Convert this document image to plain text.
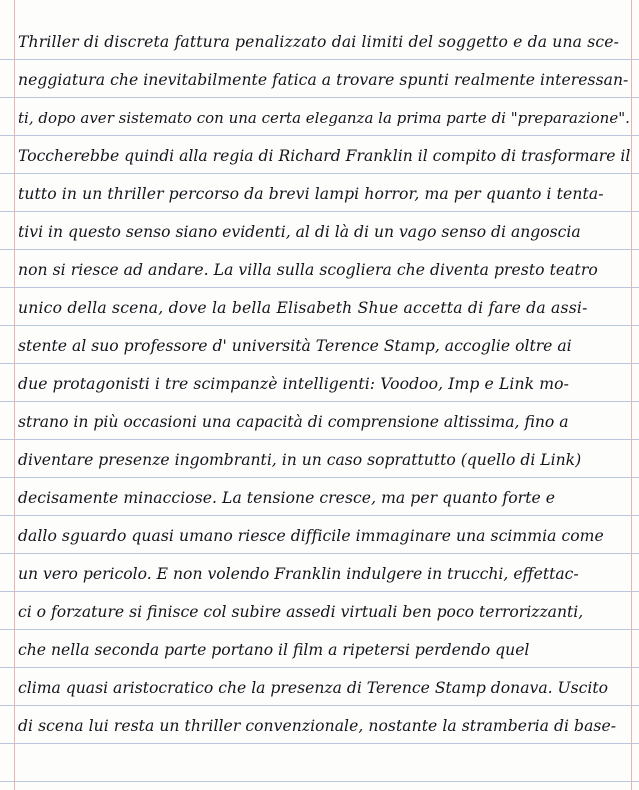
Thriller di discreta fattura penalizzato dai limiti del soggetto e da una sce-
neggiatura che inevitabilmente fatica a trovare spunti realmente interessan-
ti, dopo aver sistemato con una certa eleganza la prima parte di "preparazione".
Toccherebbe quindi alla regia di Richard Franklin il compito di trasformare il
tutto in un thriller percorso da brevi lampi horror, ma per quanto i tenta-
tivi in questo senso siano evidenti, al di là di un vago senso di angoscia
non si riesce ad andare. La villa sulla scogliera che diventa presto teatro
unico della scena, dove la bella Elisabeth Shue accetta di fare da assi-
stente al suo professore d' università Terence Stamp, accoglie oltre ai
due protagonisti i tre scimpanzè intelligenti: Voodoo, Imp e Link mo-
strano in più occasioni una capacità di comprensione altissima, fino a
diventare presenze ingombranti, in un caso soprattutto (quello di Link)
decisamente minacciose. La tensione cresce, ma per quanto forte e
dallo sguardo quasi umano riesce difficile immaginare una scimmia come
un vero pericolo. E non volendo Franklin indulgere in trucchi, effettac-
ci o forzature si finisce col subire assedi virtuali ben poco terrorizzanti,
che nella seconda parte portano il film a ripetersi perdendo quel
clima quasi aristocratico che la presenza di Terence Stamp donava. Uscito
di scena lui resta un thriller convenzionale, nostante la stramberia di base-
